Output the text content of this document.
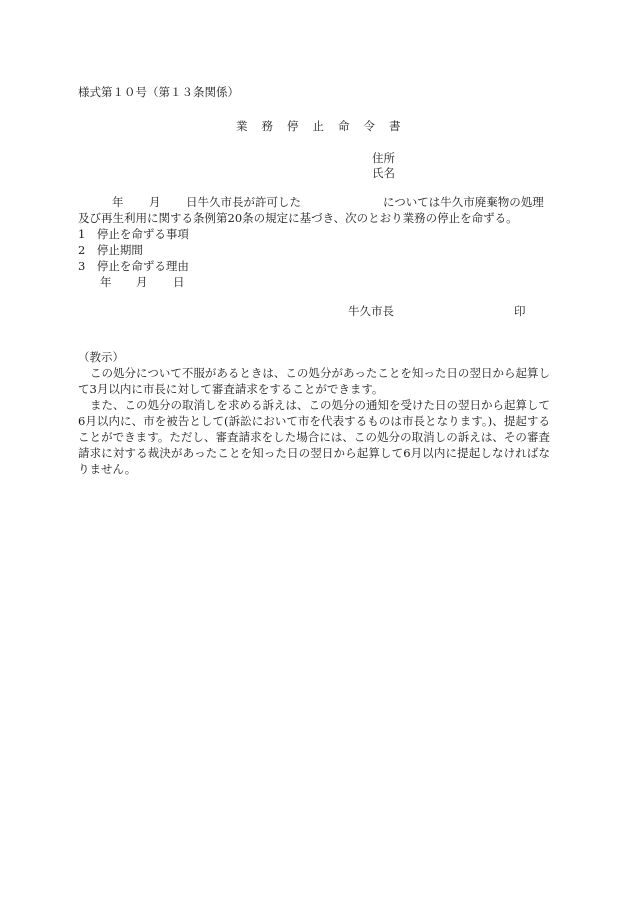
様式第１０号（第１３条関係）
業務停止命令書
住所
氏名
年 月 日牛久市長が許可した	については牛久市廃棄物の処理
及び再生利用に関する条例第20条の規定に基づき、次のとおり業務の停止を命ずる。
1　停止を命ずる事項
2　停止期間
3　停止を命ずる理由
年 月 日
牛久市長	印
（教示）
この処分について不服があるときは、この処分があったことを知った日の翌日から起算して3月以内に市長に対して審査請求をすることができます。
また、この処分の取消しを求める訴えは、この処分の通知を受けた日の翌日から起算して6月以内に、市を被告として(訴訟において市を代表するものは市長となります。)、提起することができます。ただし、審査請求をした場合には、この処分の取消しの訴えは、その審査請求に対する裁決があったことを知った日の翌日から起算して6月以内に提起しなければなりません。
